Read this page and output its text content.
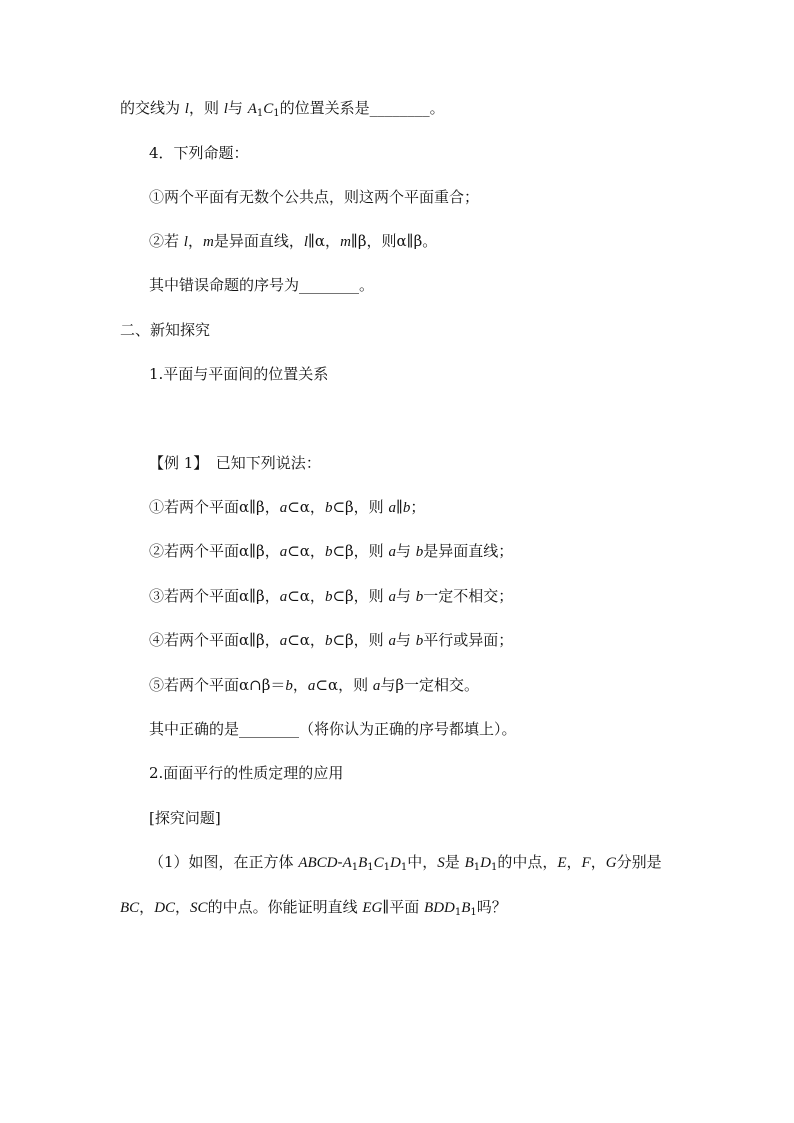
的交线为 l，则 l与 $A_1C_1$的位置关系是________。
4．下列命题：
①两个平面有无数个公共点，则这两个平面重合；
②若 l，m是异面直线，l∥α，m∥β，则α∥β。
其中错误命题的序号为________。
二、新知探究
1.平面与平面间的位置关系
【例 1】　已知下列说法：
①若两个平面α∥β，a⊂α，b⊂β，则 a∥b；
②若两个平面α∥β，a⊂α，b⊂β，则 a与 b是异面直线；
③若两个平面α∥β，a⊂α，b⊂β，则 a与 b一定不相交；
④若两个平面α∥β，a⊂α，b⊂β，则 a与 b平行或异面；
⑤若两个平面α∩β＝b，a⊂α，则 a与β一定相交。
其中正确的是________（将你认为正确的序号都填上）。
2.面面平行的性质定理的应用
[探究问题]
（1）如图，在正方体 ABCD-$A_1B_1C_1D_1$中，S是 $B_1D_1$的中点，E，F，G分别是
BC，DC，SC的中点。你能证明直线 EG∥平面 $BDD_1B_1$吗？
